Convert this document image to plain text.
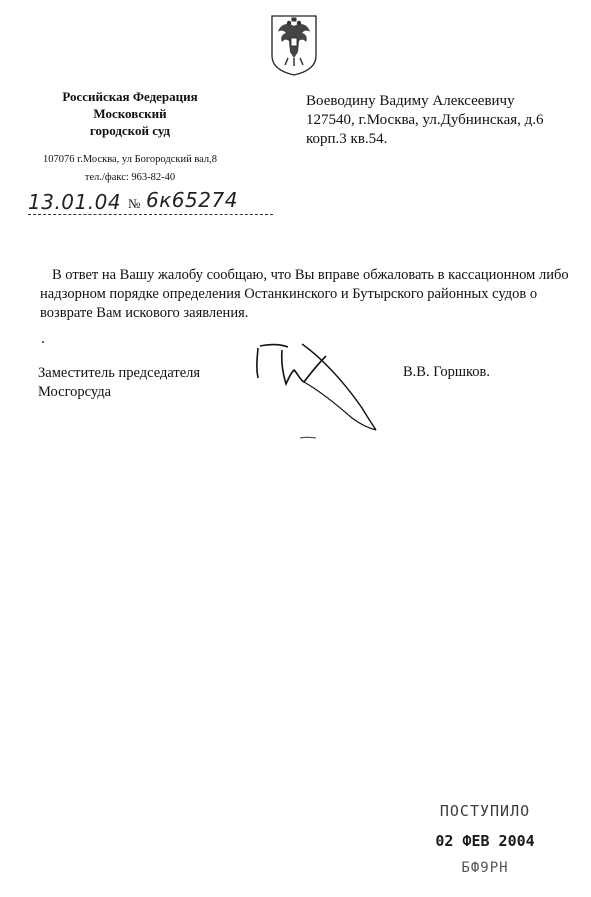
Российская Федерация
Московский
городской суд
107076 г.Москва, ул Богородский вал,8
тел./факс: 963-82-40
Воеводину Вадиму Алексеевичу
127540, г.Москва, ул.Дубнинская, д.6 корп.3 кв.54.
13.01.04 № 6к65274
В ответ на Вашу жалобу сообщаю, что Вы вправе обжаловать в кассационном либо надзорном порядке определения Останкинского и Бутырского районных судов о возврате Вам искового заявления.
Заместитель председателя Мосгорсуда
В.В. Горшков.
ПОСТУПИЛО
02 ФЕВ 2004
БФ9РН
